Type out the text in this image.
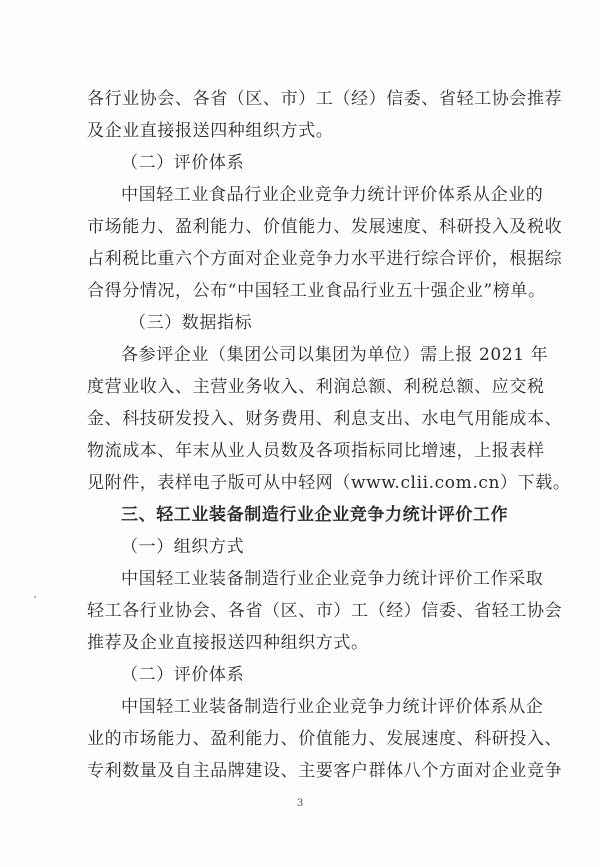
各行业协会、各省（区、市）工（经）信委、省轻工协会推荐
及企业直接报送四种组织方式。
（二）评价体系
中国轻工业食品行业企业竞争力统计评价体系从企业的
市场能力、盈利能力、价值能力、发展速度、科研投入及税收
占利税比重六个方面对企业竞争力水平进行综合评价，根据综
合得分情况，公布“中国轻工业食品行业五十强企业”榜单。
（三）数据指标
各参评企业（集团公司以集团为单位）需上报 2021 年
度营业收入、主营业务收入、利润总额、利税总额、应交税
金、科技研发投入、财务费用、利息支出、水电气用能成本、
物流成本、年末从业人员数及各项指标同比增速，上报表样
见附件，表样电子版可从中轻网（www.clii.com.cn）下载。
三、轻工业装备制造行业企业竞争力统计评价工作
（一）组织方式
中国轻工业装备制造行业企业竞争力统计评价工作采取
轻工各行业协会、各省（区、市）工（经）信委、省轻工协会
推荐及企业直接报送四种组织方式。
（二）评价体系
中国轻工业装备制造行业企业竞争力统计评价体系从企
业的市场能力、盈利能力、价值能力、发展速度、科研投入、
专利数量及自主品牌建设、主要客户群体八个方面对企业竞争
3
